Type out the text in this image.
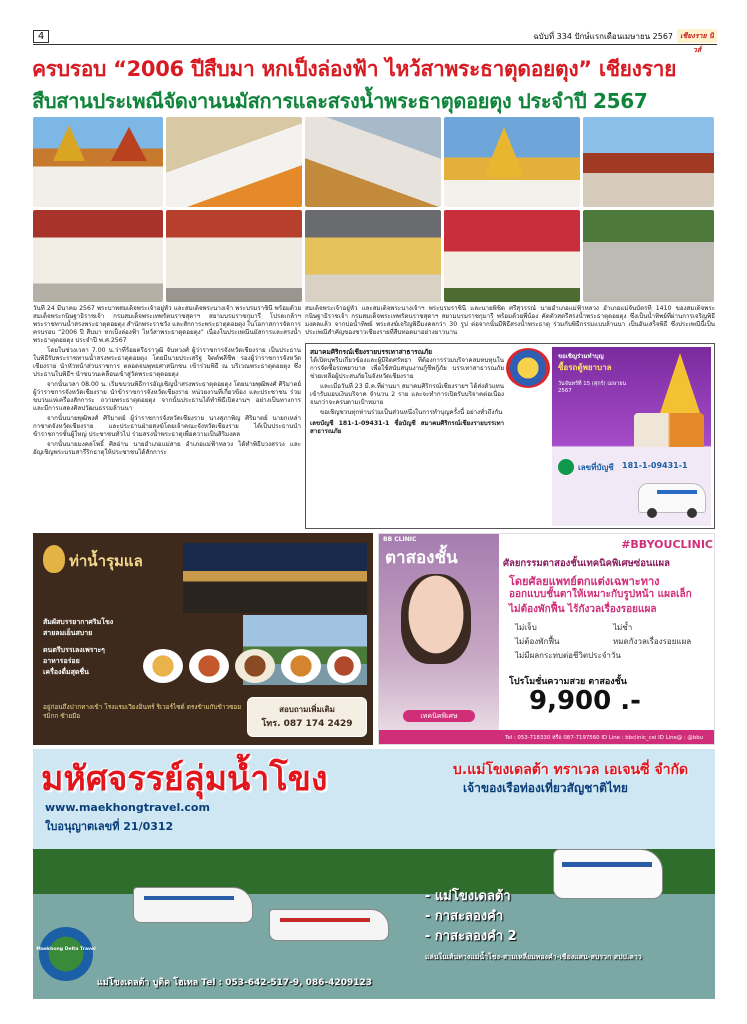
4	ฉบับที่ 334 ปักษ์แรกเดือนเมษายน 2567	เชียงราย นิวส์
ครบรอบ “2006 ปีสืบมา หกเป็งล่องฟ้า ไหว้สาพระธาตุดอยตุง” เชียงราย
สืบสานประเพณีจัดงานนมัสการและสรงน้ำพระธาตุดอยตุง ประจำปี 2567
วันที่ 24 มีนาคม 2567 พระบาทสมเด็จพระเจ้าอยู่หัว และสมเด็จพระนางเจ้า พระบรมราชินี พร้อมด้วยสมเด็จพระกนิษฐาธิราชเจ้า กรมสมเด็จพระเทพรัตนราชสุดาฯ สยามบรมราชกุมารี โปรดเกล้าฯ พระราชทานน้ำสรงพระธาตุดอยตุง สำนักพระราชวัง และสักการะพระธาตุดอยตุง ในโอกาสการจัดการครบรอบ “2006 ปี สืบมา หกเป็งล่องฟ้า ไหว้สาพระธาตุดอยตุง” เนื่องในประเพณีนมัสการและสรงน้ำพระธาตุดอยตุง ประจำปี พ.ศ.2567
โดยในช่วงเวลา 7.00 น.ว่าที่ร้อยตรีธราวุฒิ จันทวงศ์ ผู้ว่าราชการจังหวัดเชียงราย เป็นประธานในพิธีรับพระราชทานน้ำสรงพระธาตุดอยตุง โดยมีนายประเสริฐ จิตต์พลีชีพ รองผู้ว่าราชการจังหวัดเชียงราย นำหัวหน้าส่วนราชการ ตลอดจนพุทธศาสนิกชน เข้าร่วมพิธี ณ บริเวณพระธาตุดอยตุง ซึ่งประธานในพิธีฯ นำขบวนเคลื่อนเข้าสู่วัดพระธาตุดอยตุง
จากนั้นเวลา 08.00 น. เริ่มขบวนพิธีการอัญเชิญน้ำสรงพระธาตุดอยตุง โดยนายพุฒิพงศ์ ศิริมาตย์ ผู้ว่าราชการจังหวัดเชียงราย นำข้าราชการจังหวัดเชียงราย หน่วยงานที่เกี่ยวข้อง และประชาชน ร่วมขบวนแห่เครื่องสักการะ ถวายพระธาตุดอยตุง จากนั้นประธานได้ทำพิธีเปิดงานฯ อย่างเป็นทางการ และมีการแสดงศิลปวัฒนธรรมล้านนา
จากนั้นนายพุฒิพงศ์ ศิริมาตย์ ผู้ว่าราชการจังหวัดเชียงราย นางสุภาพิญ ศิริมาตย์ นายกเหล่ากาชาดจังหวัดเชียงราย และประธานฝ่ายสงฆ์โดยเจ้าคณะจังหวัดเชียงราย ได้เป็นประธานนำข้าราชการชั้นผู้ใหญ่ ประชาชนทั่วไป ร่วมสรงน้ำพระธาตุเพื่อความเป็นสิริมงคล
จากนั้นนายมงคลโพธิ์ ศิลอ่าน นายอำเภอแม่สาย อำเภอแม่ฟ้าหลวง ได้ทำพิธีบวงสรวง และอัญเชิญพระบรมสารีริกธาตุให้ประชาชนได้สักการะ
สมเด็จพระเจ้าอยู่หัว และสมเด็จพระนางเจ้าฯ พระบรมราชินี และนายพิชิต ศรีสุวรรณ์ นายอำเภอแม่ฟ้าหลวง อำเภอแม่จันบัตรที่ 1410 ของสมเด็จพระกนิษฐาธิราชเจ้า กรมสมเด็จพระเทพรัตนราชสุดาฯ สยามบรมราชกุมารี พร้อมด้วยพี่น้อง คัดตัวสตรีสรงน้ำพระธาตุดอยตุง ซึ่งเป็นน้ำทิพย์ที่ผ่านการเจริญพิธีมงคลแล้ว จากบ่อน้ำทิพย์ พระสงฆ์เจริญพิธีมงคลกว่า 30 รูป ต่อจากนั้นมีพิธีสรงน้ำพระธาตุ ร่วมกับพิธีกรรมแบบล้านนา เป็นอันเสร็จพิธี ซึ่งประเพณีนี้เป็นประเพณีสำคัญของชาวเชียงรายที่สืบทอดมาอย่างยาวนาน
สมาคมศิริกรณ์เชียงรายบรรเทาสาธารณภัย
ได้เปิดบุพรีบเกี่ยวข้องและผู้มีจิตศรัทธา ที่ต้องการร่วมบริจาคสมทบทุนในการจัดซื้อรถพยาบาล เพื่อใช้สนับสนุนงานกู้ชีพกู้ภัย บรรเทาสาธารณภัย ช่วยเหลือผู้ประสบภัยในจังหวัดเชียงราย
และเมื่อวันที่ 23 มี.ค.ที่ผ่านมา สมาคมศิริกรณ์เชียงรายฯ ได้ส่งตัวแทนเข้ารับมอบเงินบริจาค จำนวน 2 ราย และจะทำการเปิดรับบริจาคต่อเนื่องจนกว่าจะครบตามเป้าหมาย
ขอเชิญชวนทุกท่านร่วมเป็นส่วนหนึ่งในการทำบุญครั้งนี้ อย่างทั่วถึงกัน
เลขบัญชี 181-1-09431-1 ชื่อบัญชี สมาคมศิริกรณ์เชียงรายบรรเทาสาธารณภัย
ขอเชิญร่วมทำบุญ
ซื้อรถตู้พยาบาล
วันจันทร์ที่ 15 (ศุกร์) เมษายน 2567
เลขที่บัญชี	181-1-09431-1
ท่าน้ำรุมแล
สัมผัสบรรยากาศริมโขง
สายลมเย็นสบาย
ดนตรีบรรเลงเพราะๆ
อาหารอร่อย
เครื่องดื่มสุดชื่น
อยู่ก่อนถึงปากทางเข้า โรงแรมเวียงอินทร์ ริเวอร์ไซด์ ตรงข้ามกับข้าวซอยรมิกก ซ้ายมือ
สอบถามเพิ่มเติม
โทร. 087 174 2429
BB CLINIC
ตาสองชั้น
เทคนิคพิเศษ
#BBYOUCLINIC
ศัลยกรรมตาสองชั้นเทคนิคพิเศษซ่อนแผล
โดยศัลยแพทย์ตกแต่งเฉพาะทาง
ออกแบบชั้นตาให้เหมาะกับรูปหน้า แผลเล็ก
ไม่ต้องพักฟื้น ไร้กังวลเรื่องรอยแผล
ไม่เจ็บ	ไม่ช้ำ
ไม่ต้องพักฟื้น	หมดกังวลเรื่องรอยแผล
ไม่มีผลกระทบต่อชีวิตประจำวัน
โปรโมชั่นความสวย ตาสองชั้น
9,900 .-
Tel : 053-718330 หรือ 087-7197560 ID Line : bbclinic_cei ID Line@ : @bbu
มหัศจรรย์ลุ่มน้ำโขง
www.maekhongtravel.com
ใบอนุญาตเลขที่ 21/0312
บ.แม่โขงเดลต้า ทราเวล เอเจนซี่ จำกัด
เจ้าของเรือท่องเที่ยวสัญชาติไทย
- แม่โขงเดลต้า
- กาสะลองคำ
- กาสะลองคำ 2
แล่นในเส้นทางแม่น้ำโขง-สามเหลี่ยมทองคำ-เชียงแสน-สบรวก สปป.ลาว
Maekhong Delta Travel
แม่โขงเดลต้า บูติค โฮเทล Tel : 053-642-517-9, 086-4209123
